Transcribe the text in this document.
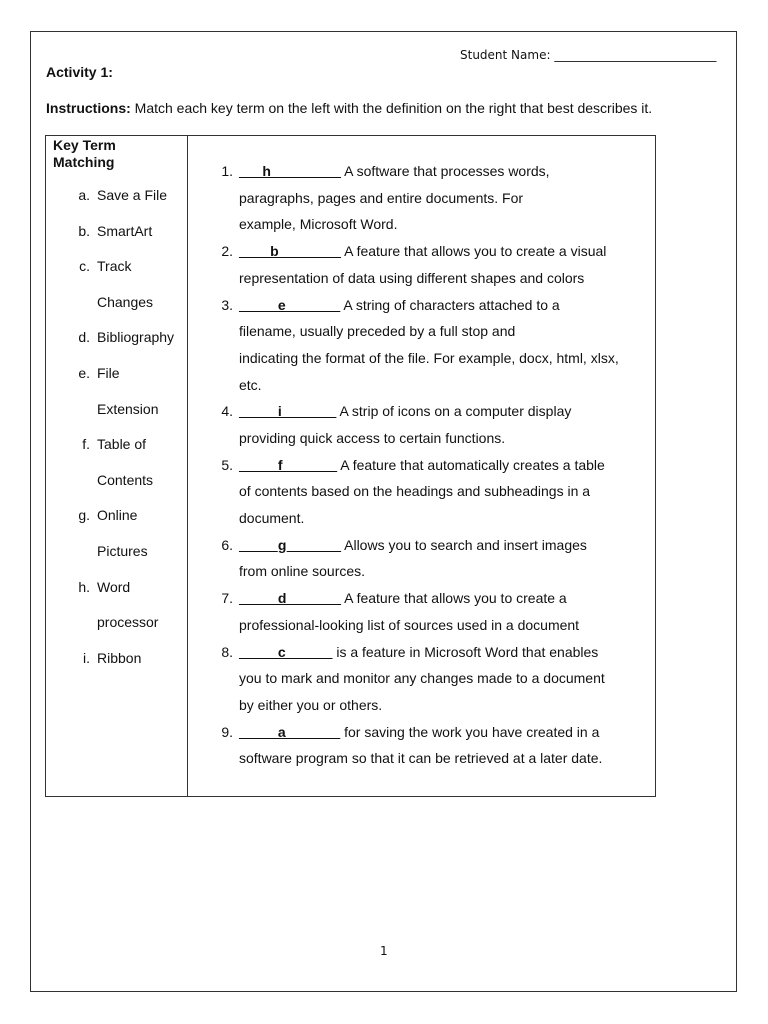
Student Name: ___________________________
Activity 1:
Instructions: Match each key term on the left with the definition on the right that best describes it.
Key Term
Matching
a. Save a File
b. SmartArt
c. Track
Changes
d. Bibliography
e. File
Extension
f. Table of
Contents
g. Online
Pictures
h. Word
processor
i. Ribbon
1. ___h_________ A software that processes words,
paragraphs, pages and entire documents. For
example, Microsoft Word.
2. ____b________ A feature that allows you to create a visual
representation of data using different shapes and colors
3. _____e_______ A string of characters attached to a
filename, usually preceded by a full stop and
indicating the format of the file. For example, docx, html, xlsx,
etc.
4. _____i_______ A strip of icons on a computer display
providing quick access to certain functions.
5. _____f_______ A feature that automatically creates a table
of contents based on the headings and subheadings in a
document.
6. _____g_______ Allows you to search and insert images
from online sources.
7. _____d_______ A feature that allows you to create a
professional-looking list of sources used in a document
8. _____c______ is a feature in Microsoft Word that enables
you to mark and monitor any changes made to a document
by either you or others.
9. _____a_______ for saving the work you have created in a
software program so that it can be retrieved at a later date.
1
